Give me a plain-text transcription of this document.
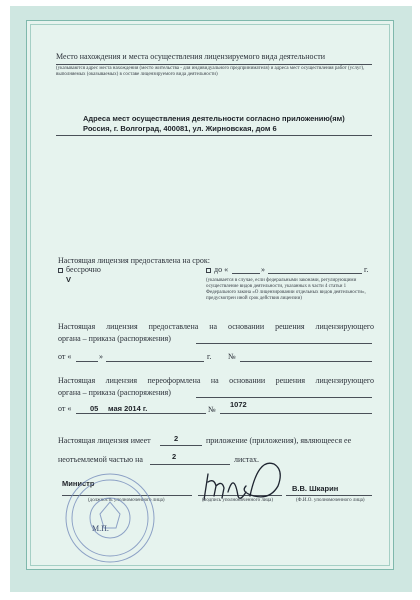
Место нахождения и места осуществления лицензируемого вида деятельности
(указываются адрес места нахождения (место жительства - для индивидуального предпринимателя) и адреса мест осуществления работ (услуг), выполняемых (оказываемых) в составе лицензируемого вида деятельности)
Адреса мест осуществления деятельности согласно приложению(ям)
Россия, г. Волгоград, 400081, ул. Жирновская, дом 6
Настоящая лицензия предоставлена на срок:
бессрочно
V
до «	»	г.
(указывается в случае, если федеральными законами, регулирующими осуществление видов деятельности, указанных в части 4 статьи 1 Федерального закона «О лицензировании отдельных видов деятельности», предусмотрен иной срок действия лицензии)
Настоящая лицензия предоставлена на основании решения лицензирующего
органа – приказа (распоряжения)
от «	»	г. №
Настоящая лицензия переоформлена на основании решения лицензирующего
органа – приказа (распоряжения)
от « 05 мая 2014 г.	№
1072
Настоящая лицензия имеет	2	приложение (приложения), являющееся ее
неотъемлемой частью на	2	листах.
Министр
(должность уполномоченного лица)	(подпись уполномоченного лица)
В.В. Шкарин
(Ф.И.О. уполномоченного лица)
М.П.
